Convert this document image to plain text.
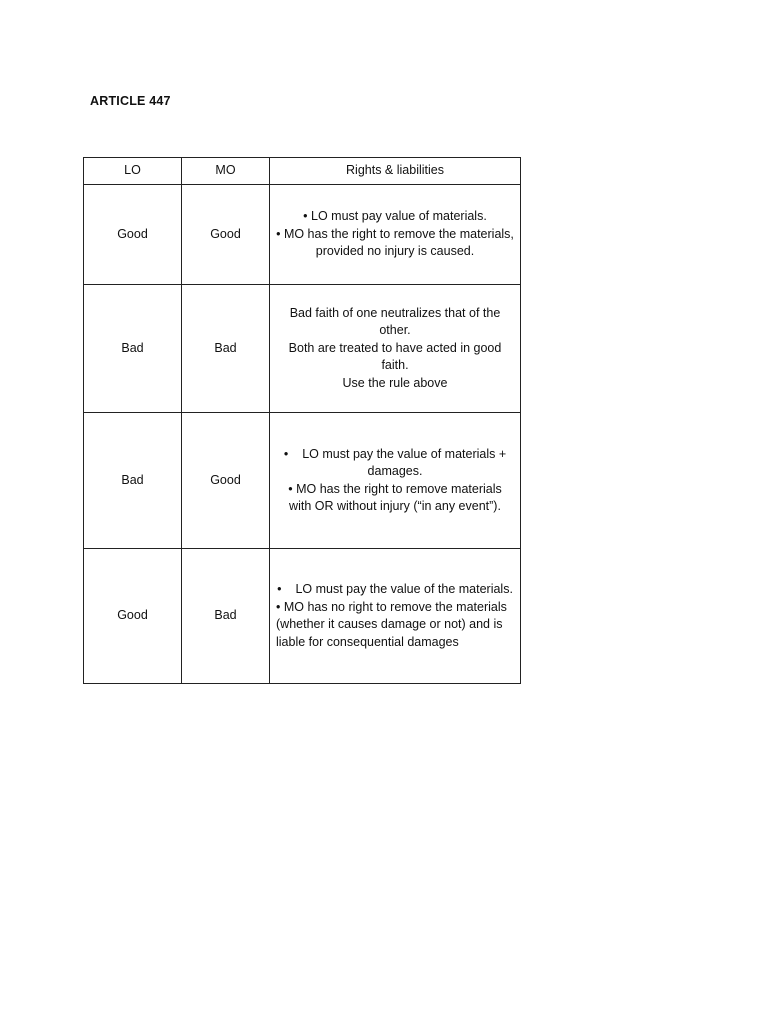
ARTICLE 447
LO	MO	Rights & liabilities
Good	Good	• LO must pay value of materials.
• MO has the right to remove the materials, provided no injury is caused.

Bad	Bad	Bad faith of one neutralizes that of the other.
Both are treated to have acted in good faith.
Use the rule above

Bad	Good	• LO must pay the value of materials + damages.
• MO has the right to remove materials with OR without injury (“in any event”).

Good	Bad	• LO must pay the value of the materials.
• MO has no right to remove the materials (whether it causes damage or not) and is liable for consequential damages
